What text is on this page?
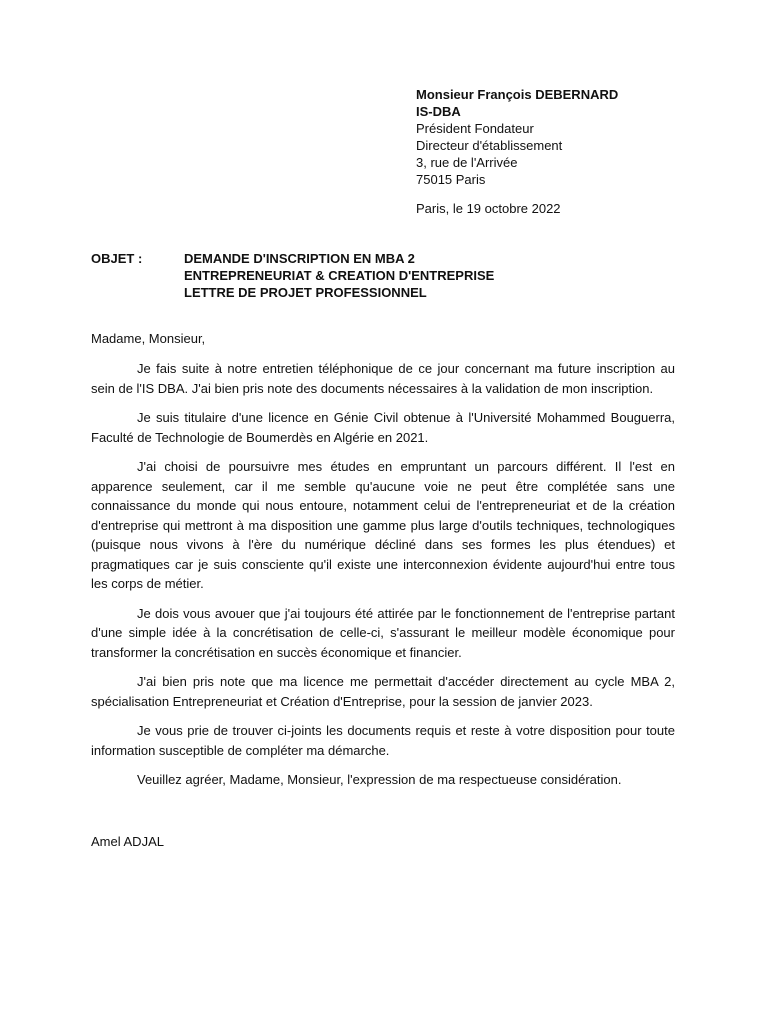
Monsieur François DEBERNARD
IS-DBA
Président Fondateur
Directeur d'établissement
3, rue de l'Arrivée
75015 Paris
Paris, le 19 octobre 2022
OBJET :	DEMANDE D'INSCRIPTION EN MBA 2
ENTREPRENEURIAT & CREATION D'ENTREPRISE
LETTRE DE PROJET PROFESSIONNEL
Madame, Monsieur,

Je fais suite à notre entretien téléphonique de ce jour concernant ma future inscription au sein de l'IS DBA. J'ai bien pris note des documents nécessaires à la validation de mon inscription.

Je suis titulaire d'une licence en Génie Civil obtenue à l'Université Mohammed Bouguerra, Faculté de Technologie de Boumerdès en Algérie en 2021.

J'ai choisi de poursuivre mes études en empruntant un parcours différent. Il l'est en apparence seulement, car il me semble qu'aucune voie ne peut être complétée sans une connaissance du monde qui nous entoure, notamment celui de l'entrepreneuriat et de la création d'entreprise qui mettront à ma disposition une gamme plus large d'outils techniques, technologiques (puisque nous vivons à l'ère du numérique décliné dans ses formes les plus étendues) et pragmatiques car je suis consciente qu'il existe une interconnexion évidente aujourd'hui entre tous les corps de métier.

Je dois vous avouer que j'ai toujours été attirée par le fonctionnement de l'entreprise partant d'une simple idée à la concrétisation de celle-ci, s'assurant le meilleur modèle économique pour transformer la concrétisation en succès économique et financier.

J'ai bien pris note que ma licence me permettait d'accéder directement au cycle MBA 2, spécialisation Entrepreneuriat et Création d'Entreprise, pour la session de janvier 2023.

Je vous prie de trouver ci-joints les documents requis et reste à votre disposition pour toute information susceptible de compléter ma démarche.

Veuillez agréer, Madame, Monsieur, l'expression de ma respectueuse considération.

Amel ADJAL
